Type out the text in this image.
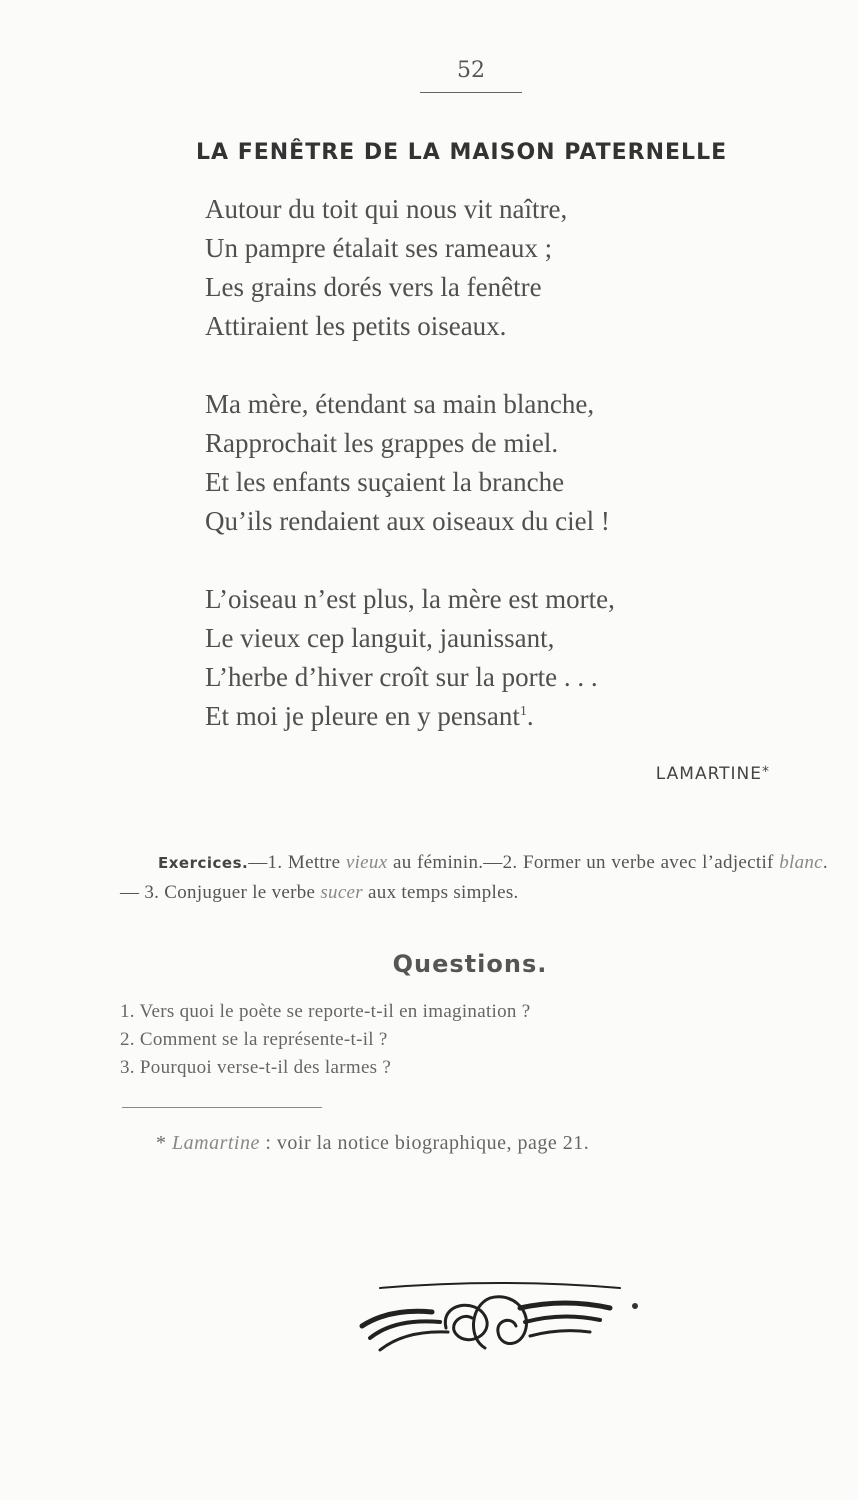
52
LA FENÊTRE DE LA MAISON PATERNELLE
Autour du toit qui nous vit naître,
Un pampre étalait ses rameaux ;
Les grains dorés vers la fenêtre
Attiraient les petits oiseaux.
Ma mère, étendant sa main blanche,
Rapprochait les grappes de miel.
Et les enfants suçaient la branche
Qu’ils rendaient aux oiseaux du ciel !
L’oiseau n’est plus, la mère est morte,
Le vieux cep languit, jaunissant,
L’herbe d’hiver croît sur la porte . . .
Et moi je pleure en y pensant$^1$.
LAMARTINE*
Exercices.—1. Mettre vieux au féminin.—2. Former un verbe avec l’adjectif blanc.— 3. Conjuguer le verbe sucer aux temps simples.
Questions.
1. Vers quoi le poète se reporte-t-il en imagination ?
2. Comment se la représente-t-il ?
3. Pourquoi verse-t-il des larmes ?
* Lamartine : voir la notice biographique, page 21.
